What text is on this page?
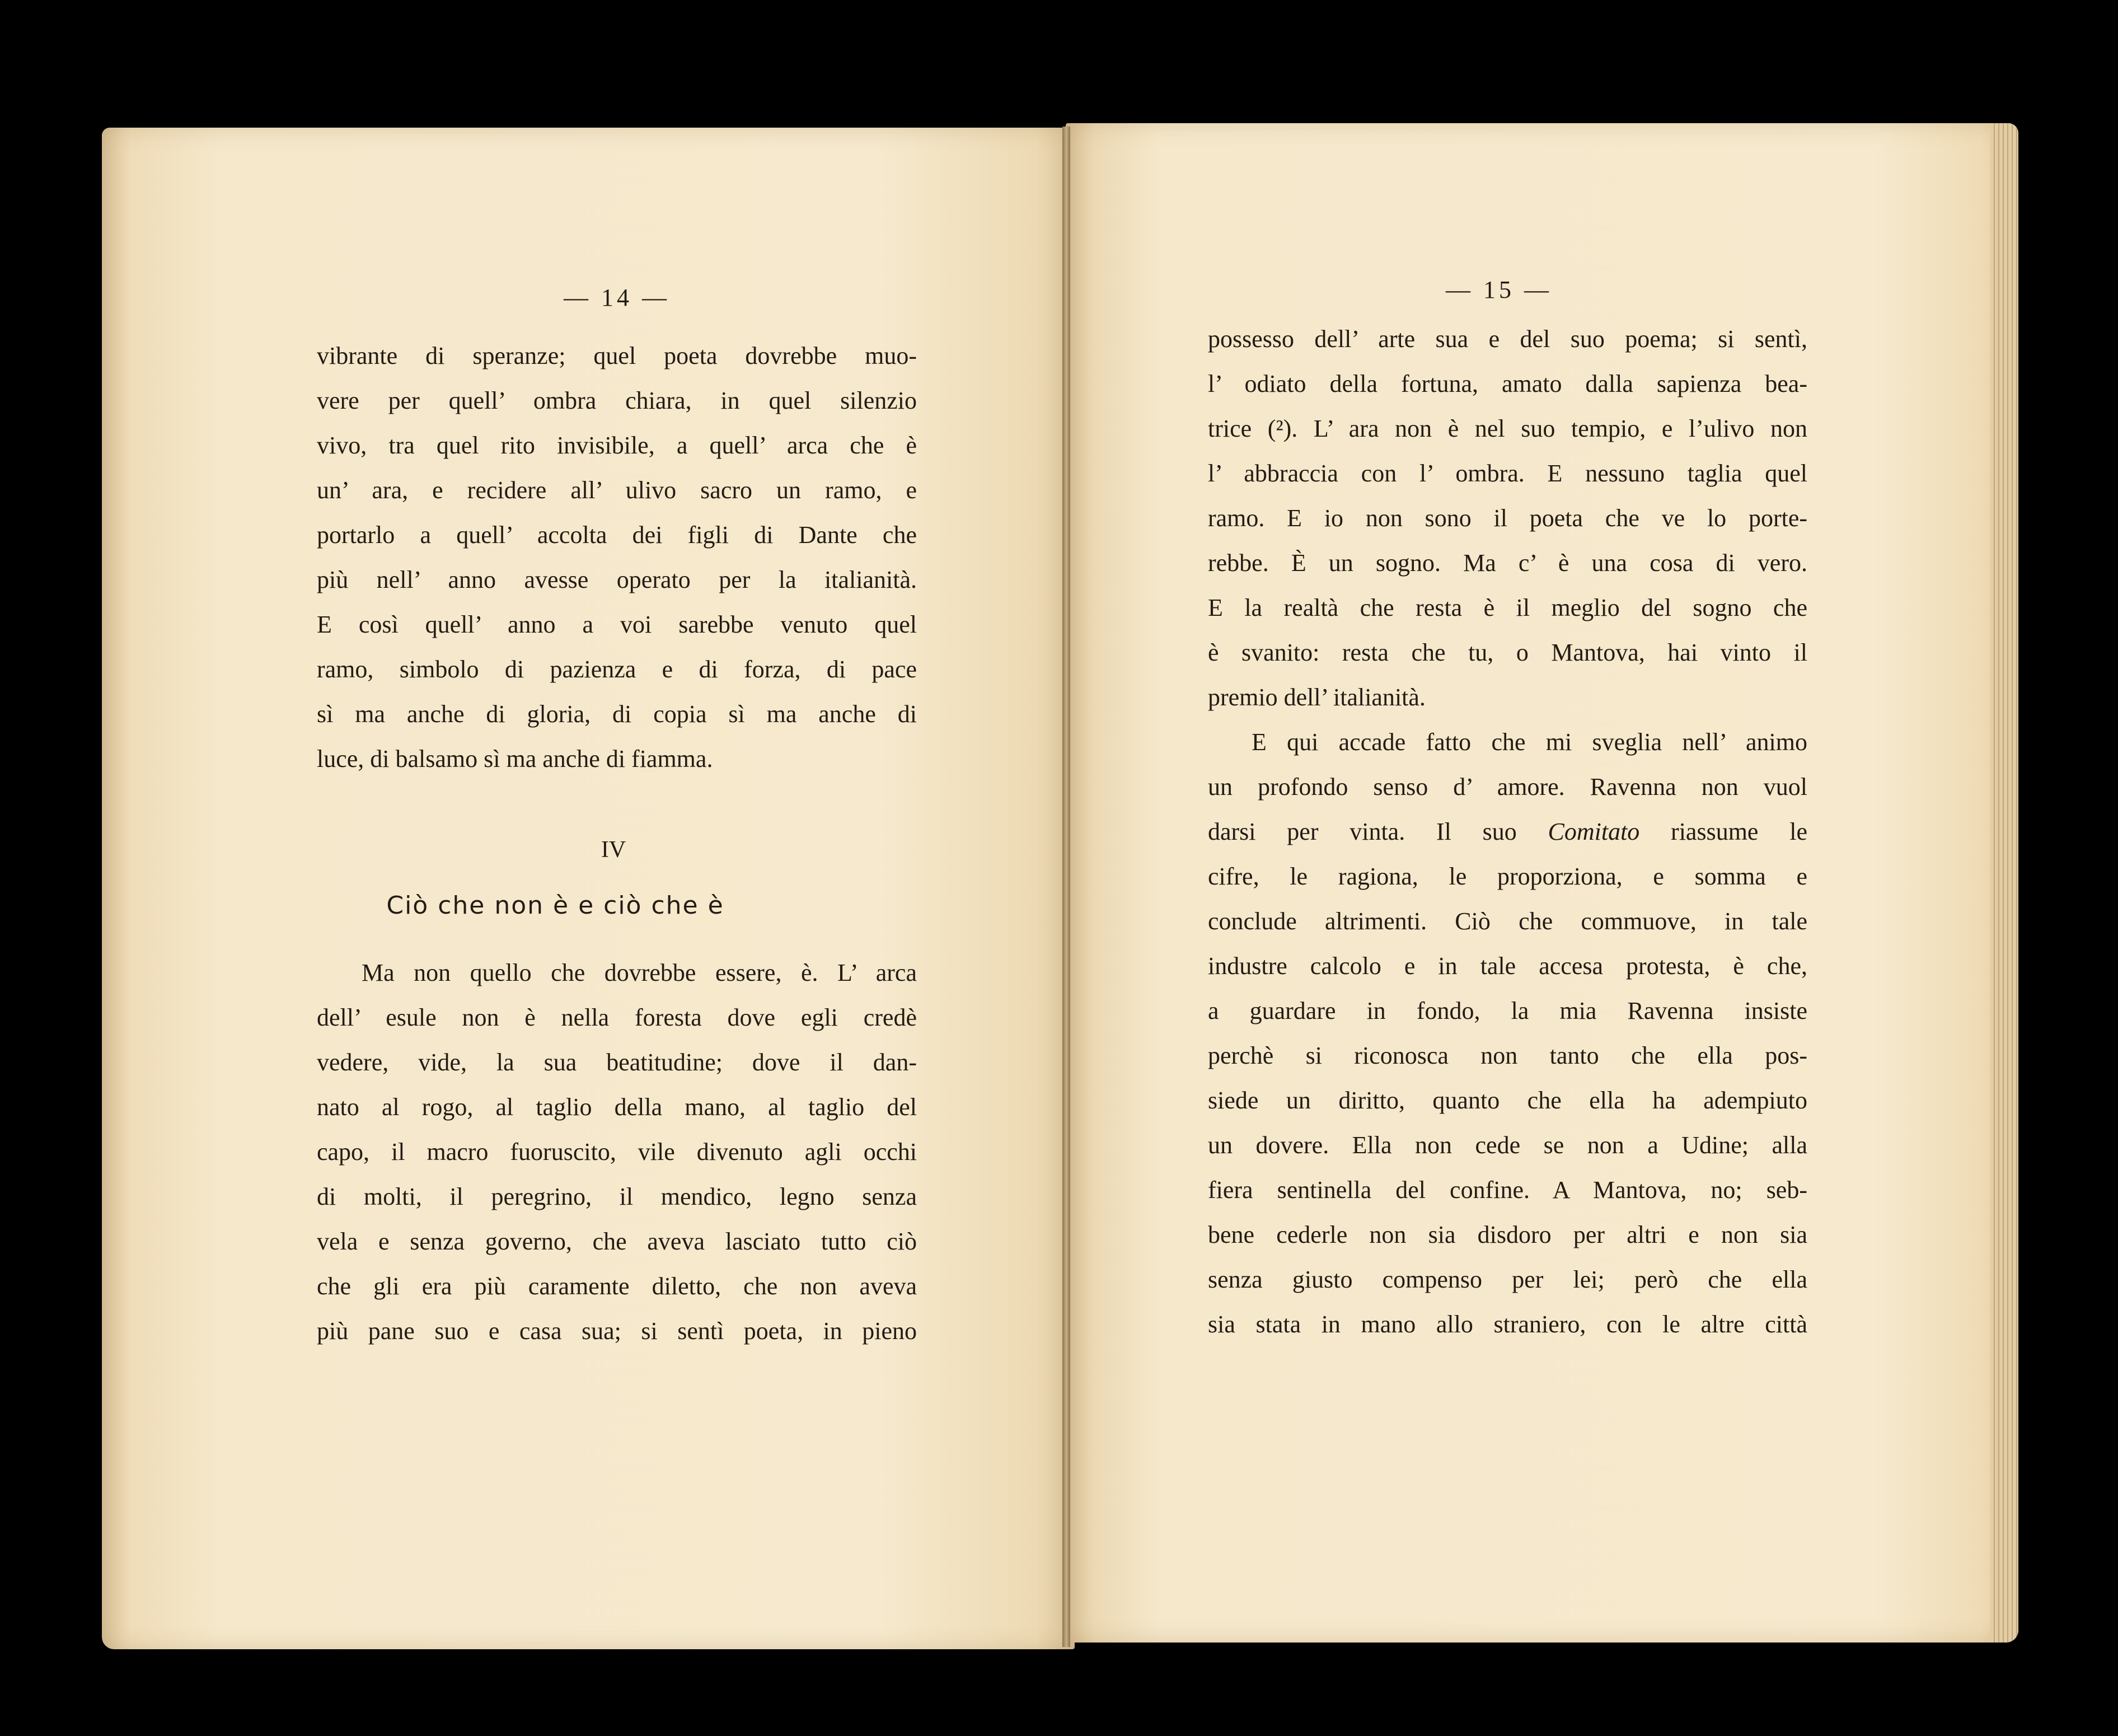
— 14 —
vibrante di speranze; quel poeta dovrebbe muo-
vere per quell’ ombra chiara, in quel silenzio
vivo, tra quel rito invisibile, a quell’ arca che è
un’ ara, e recidere all’ ulivo sacro un ramo, e
portarlo a quell’ accolta dei figli di Dante che
più nell’ anno avesse operato per la italianità.
E così quell’ anno a voi sarebbe venuto quel
ramo, simbolo di pazienza e di forza, di pace
sì ma anche di gloria, di copia sì ma anche di
luce, di balsamo sì ma anche di fiamma.
IV
Ciò che non è e ciò che è
Ma non quello che dovrebbe essere, è. L’ arca
dell’ esule non è nella foresta dove egli credè
vedere, vide, la sua beatitudine; dove il dan-
nato al rogo, al taglio della mano, al taglio del
capo, il macro fuoruscito, vile divenuto agli occhi
di molti, il peregrino, il mendico, legno senza
vela e senza governo, che aveva lasciato tutto ciò
che gli era più caramente diletto, che non aveva
più pane suo e casa sua; si sentì poeta, in pieno
— 15 —
possesso dell’ arte sua e del suo poema; si sentì,
l’ odiato della fortuna, amato dalla sapienza bea-
trice (²). L’ ara non è nel suo tempio, e l’ulivo non
l’ abbraccia con l’ ombra. E nessuno taglia quel
ramo. E io non sono il poeta che ve lo porte-
rebbe. È un sogno. Ma c’ è una cosa di vero.
E la realtà che resta è il meglio del sogno che
è svanito: resta che tu, o Mantova, hai vinto il
premio dell’ italianità.
E qui accade fatto che mi sveglia nell’ animo
un profondo senso d’ amore. Ravenna non vuol
darsi per vinta. Il suo Comitato riassume le
cifre, le ragiona, le proporziona, e somma e
conclude altrimenti. Ciò che commuove, in tale
industre calcolo e in tale accesa protesta, è che,
a guardare in fondo, la mia Ravenna insiste
perchè si riconosca non tanto che ella pos-
siede un diritto, quanto che ella ha adempiuto
un dovere. Ella non cede se non a Udine; alla
fiera sentinella del confine. A Mantova, no; seb-
bene cederle non sia disdoro per altri e non sia
senza giusto compenso per lei; però che ella
sia stata in mano allo straniero, con le altre città
